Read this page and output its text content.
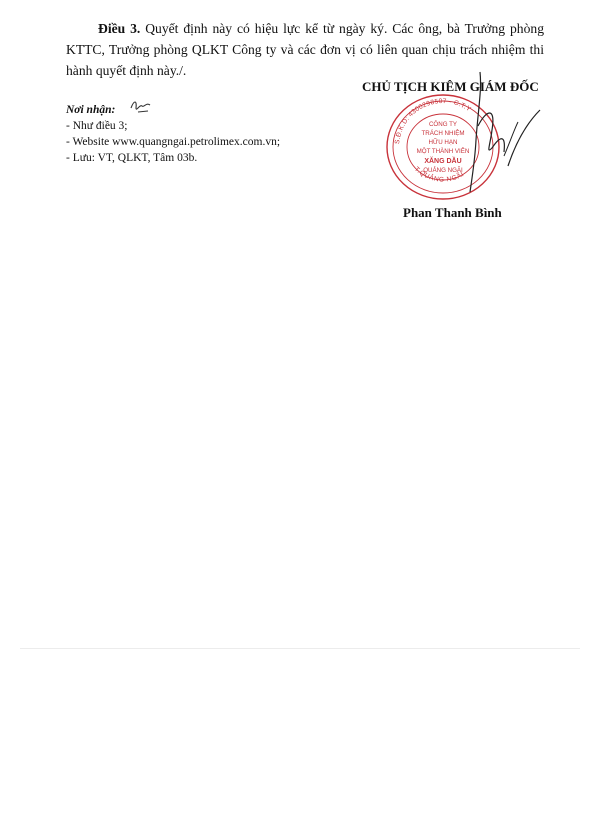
Điều 3. Quyết định này có hiệu lực kể từ ngày ký. Các ông, bà Trưởng phòng KTTC, Trưởng phòng QLKT Công ty và các đơn vị có liên quan chịu trách nhiệm thi hành quyết định này./.
CHỦ TỊCH KIÊM GIÁM ĐỐC
Nơi nhận:
- Như điều 3;
- Website www.quangngai.petrolimex.com.vn;
- Lưu: VT, QLKT, Tâm 03b.
S.Đ.K.D: 4300298507 - C.T.Y
T.QUẢNG NGÃI
CÔNG TY
TRÁCH NHIỆM
HỮU HẠN
MỘT THÀNH VIÊN
XĂNG DẦU
QUẢNG NGÃI
Phan Thanh Bình
